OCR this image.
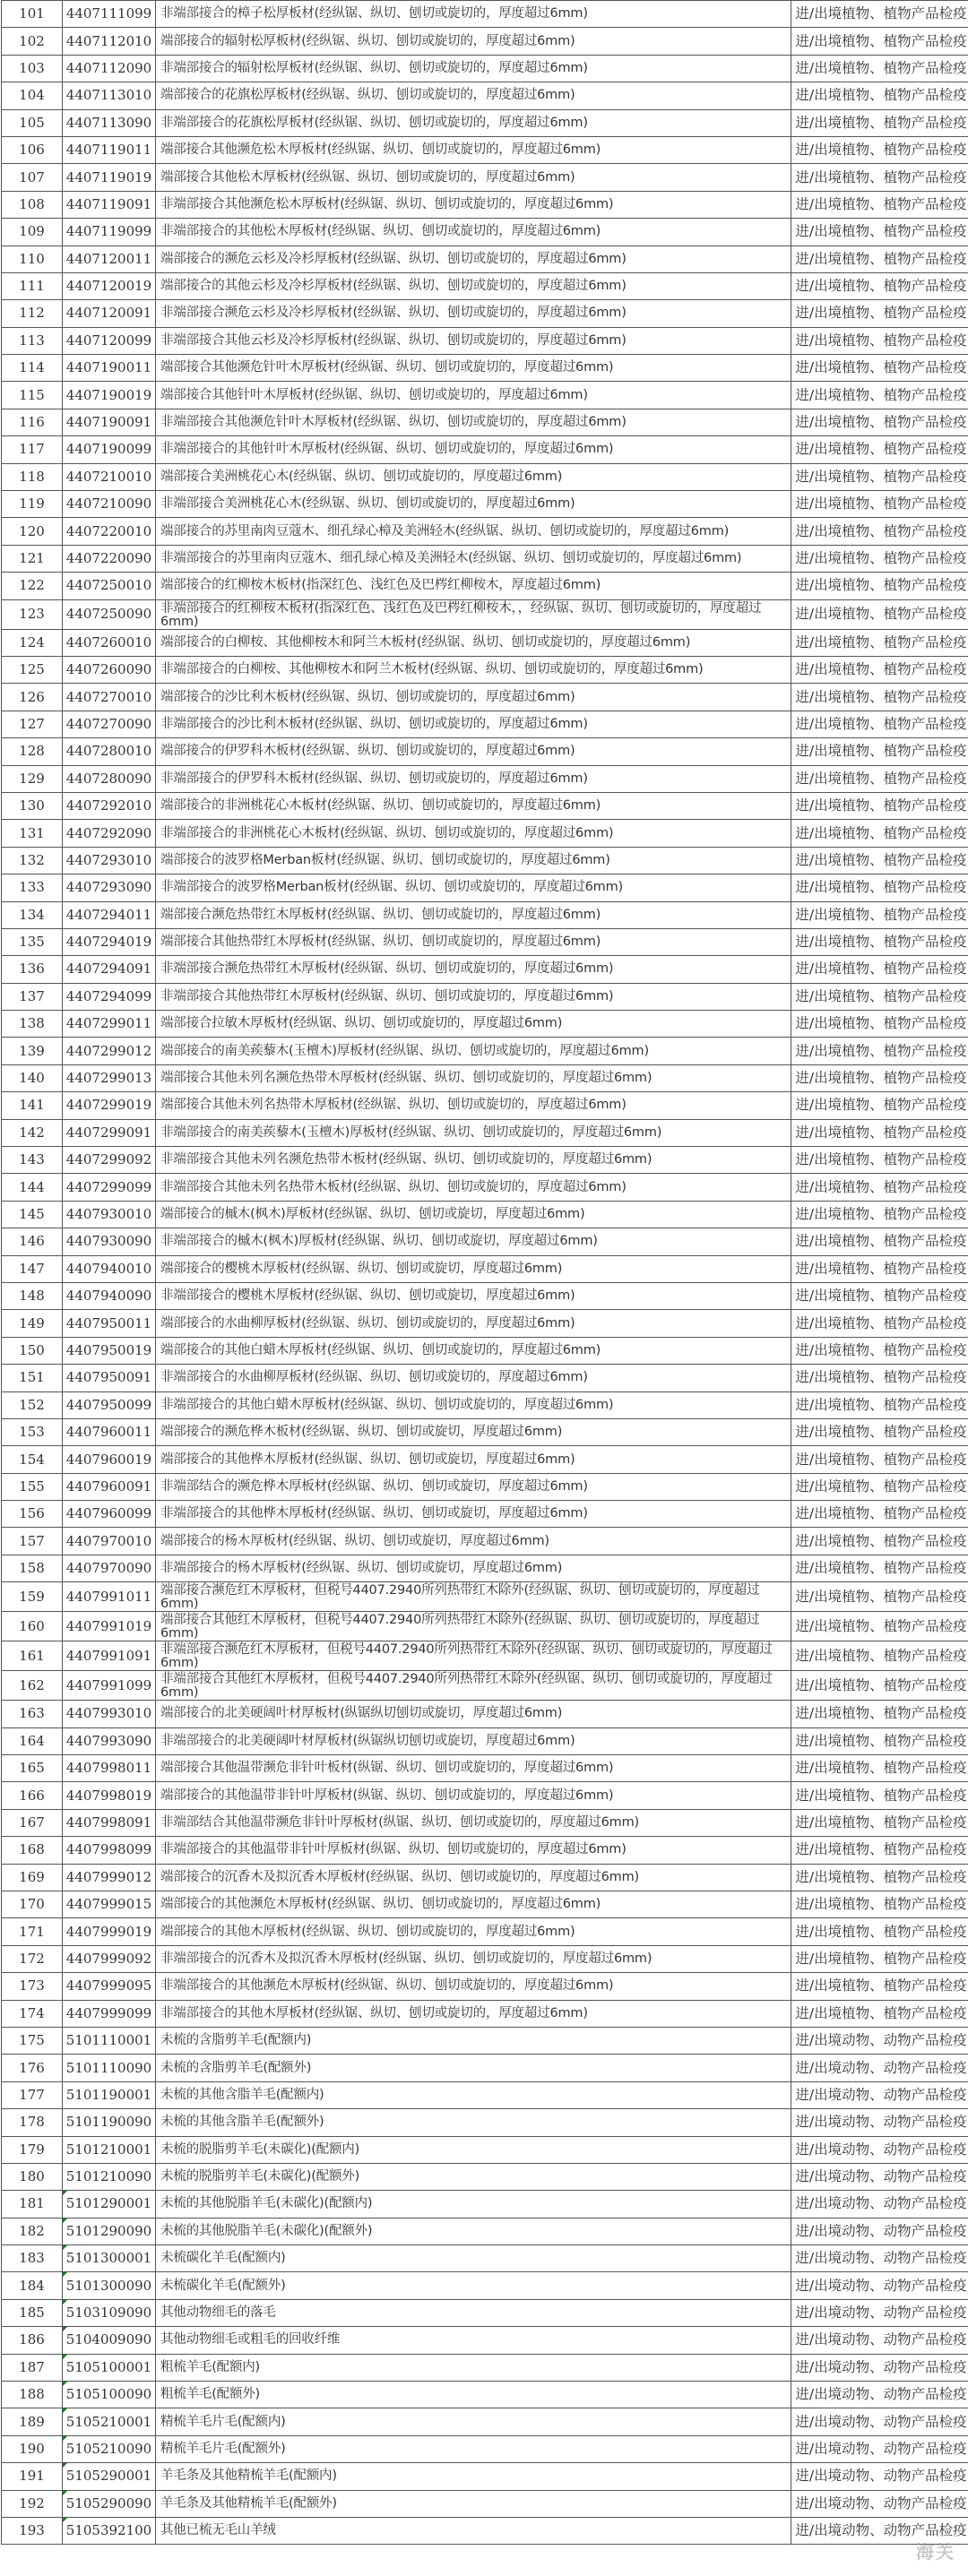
101	4407111099	非端部接合的樟子松厚板材(经纵锯、纵切、刨切或旋切的，厚度超过6mm)	进/出境植物、植物产品检疫
102	4407112010	端部接合的辐射松厚板材(经纵锯、纵切、刨切或旋切的，厚度超过6mm)	进/出境植物、植物产品检疫
103	4407112090	非端部接合的辐射松厚板材(经纵锯、纵切、刨切或旋切的，厚度超过6mm)	进/出境植物、植物产品检疫
104	4407113010	端部接合的花旗松厚板材(经纵锯、纵切、刨切或旋切的，厚度超过6mm)	进/出境植物、植物产品检疫
105	4407113090	非端部接合的花旗松厚板材(经纵锯、纵切、刨切或旋切的，厚度超过6mm)	进/出境植物、植物产品检疫
106	4407119011	端部接合其他濒危松木厚板材(经纵锯、纵切、刨切或旋切的，厚度超过6mm)	进/出境植物、植物产品检疫
107	4407119019	端部接合其他松木厚板材(经纵锯、纵切、刨切或旋切的，厚度超过6mm)	进/出境植物、植物产品检疫
108	4407119091	非端部接合其他濒危松木厚板材(经纵锯、纵切、刨切或旋切的，厚度超过6mm)	进/出境植物、植物产品检疫
109	4407119099	非端部接合的其他松木厚板材(经纵锯、纵切、刨切或旋切的，厚度超过6mm)	进/出境植物、植物产品检疫
110	4407120011	端部接合的濒危云杉及冷杉厚板材(经纵锯、纵切、刨切或旋切的，厚度超过6mm)	进/出境植物、植物产品检疫
111	4407120019	端部接合的其他云杉及冷杉厚板材(经纵锯、纵切、刨切或旋切的，厚度超过6mm)	进/出境植物、植物产品检疫
112	4407120091	非端部接合濒危云杉及冷杉厚板材(经纵锯、纵切、刨切或旋切的，厚度超过6mm)	进/出境植物、植物产品检疫
113	4407120099	非端部接合其他云杉及冷杉厚板材(经纵锯、纵切、刨切或旋切的，厚度超过6mm)	进/出境植物、植物产品检疫
114	4407190011	端部接合其他濒危针叶木厚板材(经纵锯、纵切、刨切或旋切的，厚度超过6mm)	进/出境植物、植物产品检疫
115	4407190019	端部接合其他针叶木厚板材(经纵锯、纵切、刨切或旋切的，厚度超过6mm)	进/出境植物、植物产品检疫
116	4407190091	非端部接合其他濒危针叶木厚板材(经纵锯、纵切、刨切或旋切的，厚度超过6mm)	进/出境植物、植物产品检疫
117	4407190099	非端部接合的其他针叶木厚板材(经纵锯、纵切、刨切或旋切的，厚度超过6mm)	进/出境植物、植物产品检疫
118	4407210010	端部接合美洲桃花心木(经纵锯、纵切、刨切或旋切的，厚度超过6mm)	进/出境植物、植物产品检疫
119	4407210090	非端部接合美洲桃花心木(经纵锯、纵切、刨切或旋切的，厚度超过6mm)	进/出境植物、植物产品检疫
120	4407220010	端部接合的苏里南肉豆蔻木、细孔绿心樟及美洲轻木(经纵锯、纵切、刨切或旋切的，厚度超过6mm)	进/出境植物、植物产品检疫
121	4407220090	非端部接合的苏里南肉豆蔻木、细孔绿心樟及美洲轻木(经纵锯、纵切、刨切或旋切的，厚度超过6mm)	进/出境植物、植物产品检疫
122	4407250010	端部接合的红柳桉木板材(指深红色、浅红色及巴梣红柳桉木，厚度超过6mm)	进/出境植物、植物产品检疫
123	4407250090	非端部接合的红柳桉木板材(指深红色、浅红色及巴梣红柳桉木，，经纵锯、纵切、刨切或旋切的，厚度超过6mm)	进/出境植物、植物产品检疫
124	4407260010	端部接合的白柳桉、其他柳桉木和阿兰木板材(经纵锯、纵切、刨切或旋切的，厚度超过6mm)	进/出境植物、植物产品检疫
125	4407260090	非端部接合的白柳桉、其他柳桉木和阿兰木板材(经纵锯、纵切、刨切或旋切的，厚度超过6mm)	进/出境植物、植物产品检疫
126	4407270010	端部接合的沙比利木板材(经纵锯、纵切、刨切或旋切的，厚度超过6mm)	进/出境植物、植物产品检疫
127	4407270090	非端部接合的沙比利木板材(经纵锯、纵切、刨切或旋切的，厚度超过6mm)	进/出境植物、植物产品检疫
128	4407280010	端部接合的伊罗科木板材(经纵锯、纵切、刨切或旋切的，厚度超过6mm)	进/出境植物、植物产品检疫
129	4407280090	非端部接合的伊罗科木板材(经纵锯、纵切、刨切或旋切的，厚度超过6mm)	进/出境植物、植物产品检疫
130	4407292010	端部接合的非洲桃花心木板材(经纵锯、纵切、刨切或旋切的，厚度超过6mm)	进/出境植物、植物产品检疫
131	4407292090	非端部接合的非洲桃花心木板材(经纵锯、纵切、刨切或旋切的，厚度超过6mm)	进/出境植物、植物产品检疫
132	4407293010	端部接合的波罗格Merban板材(经纵锯、纵切、刨切或旋切的，厚度超过6mm)	进/出境植物、植物产品检疫
133	4407293090	非端部接合的波罗格Merban板材(经纵锯、纵切、刨切或旋切的，厚度超过6mm)	进/出境植物、植物产品检疫
134	4407294011	端部接合濒危热带红木厚板材(经纵锯、纵切、刨切或旋切的，厚度超过6mm)	进/出境植物、植物产品检疫
135	4407294019	端部接合其他热带红木厚板材(经纵锯、纵切、刨切或旋切的，厚度超过6mm)	进/出境植物、植物产品检疫
136	4407294091	非端部接合濒危热带红木厚板材(经纵锯、纵切、刨切或旋切的，厚度超过6mm)	进/出境植物、植物产品检疫
137	4407294099	非端部接合其他热带红木厚板材(经纵锯、纵切、刨切或旋切的，厚度超过6mm)	进/出境植物、植物产品检疫
138	4407299011	端部接合拉敏木厚板材(经纵锯、纵切、刨切或旋切的，厚度超过6mm)	进/出境植物、植物产品检疫
139	4407299012	端部接合的南美蒺藜木(玉檀木)厚板材(经纵锯、纵切、刨切或旋切的，厚度超过6mm)	进/出境植物、植物产品检疫
140	4407299013	端部接合其他未列名濒危热带木厚板材(经纵锯、纵切、刨切或旋切的，厚度超过6mm)	进/出境植物、植物产品检疫
141	4407299019	端部接合其他未列名热带木厚板材(经纵锯、纵切、刨切或旋切的，厚度超过6mm)	进/出境植物、植物产品检疫
142	4407299091	非端部接合的南美蒺藜木(玉檀木)厚板材(经纵锯、纵切、刨切或旋切的，厚度超过6mm)	进/出境植物、植物产品检疫
143	4407299092	非端部接合其他未列名濒危热带木板材(经纵锯、纵切、刨切或旋切的，厚度超过6mm)	进/出境植物、植物产品检疫
144	4407299099	非端部接合其他未列名热带木板材(经纵锯、纵切、刨切或旋切的，厚度超过6mm)	进/出境植物、植物产品检疫
145	4407930010	端部接合的槭木(枫木)厚板材(经纵锯、纵切、刨切或旋切，厚度超过6mm)	进/出境植物、植物产品检疫
146	4407930090	非端部接合的槭木(枫木)厚板材(经纵锯、纵切、刨切或旋切，厚度超过6mm)	进/出境植物、植物产品检疫
147	4407940010	端部接合的樱桃木厚板材(经纵锯、纵切、刨切或旋切，厚度超过6mm)	进/出境植物、植物产品检疫
148	4407940090	非端部接合的樱桃木厚板材(经纵锯、纵切、刨切或旋切，厚度超过6mm)	进/出境植物、植物产品检疫
149	4407950011	端部接合的水曲柳厚板材(经纵锯、纵切、刨切或旋切的，厚度超过6mm)	进/出境植物、植物产品检疫
150	4407950019	端部接合的其他白蜡木厚板材(经纵锯、纵切、刨切或旋切的，厚度超过6mm)	进/出境植物、植物产品检疫
151	4407950091	非端部接合的水曲柳厚板材(经纵锯、纵切、刨切或旋切的，厚度超过6mm)	进/出境植物、植物产品检疫
152	4407950099	非端部接合的其他白蜡木厚板材(经纵锯、纵切、刨切或旋切的，厚度超过6mm)	进/出境植物、植物产品检疫
153	4407960011	端部接合的濒危桦木板材(经纵锯、纵切、刨切或旋切，厚度超过6mm)	进/出境植物、植物产品检疫
154	4407960019	端部接合的其他桦木厚板材(经纵锯、纵切、刨切或旋切，厚度超过6mm)	进/出境植物、植物产品检疫
155	4407960091	非端部结合的濒危桦木厚板材(经纵锯、纵切、刨切或旋切，厚度超过6mm)	进/出境植物、植物产品检疫
156	4407960099	非端部接合的其他桦木厚板材(经纵锯、纵切、刨切或旋切，厚度超过6mm)	进/出境植物、植物产品检疫
157	4407970010	端部接合的杨木厚板材(经纵锯、纵切、刨切或旋切，厚度超过6mm)	进/出境植物、植物产品检疫
158	4407970090	非端部接合的杨木厚板材(经纵锯、纵切、刨切或旋切，厚度超过6mm)	进/出境植物、植物产品检疫
159	4407991011	端部接合濒危红木厚板材，但税号4407.2940所列热带红木除外(经纵锯、纵切、刨切或旋切的，厚度超过6mm)	进/出境植物、植物产品检疫
160	4407991019	端部接合其他红木厚板材，但税号4407.2940所列热带红木除外(经纵锯、纵切、刨切或旋切的，厚度超过6mm)	进/出境植物、植物产品检疫
161	4407991091	非端部接合濒危红木厚板材，但税号4407.2940所列热带红木除外(经纵锯、纵切、刨切或旋切的，厚度超过6mm)	进/出境植物、植物产品检疫
162	4407991099	非端部接合其他红木厚板材，但税号4407.2940所列热带红木除外(经纵锯、纵切、刨切或旋切的，厚度超过6mm)	进/出境植物、植物产品检疫
163	4407993010	端部接合的北美硬阔叶材厚板材(纵锯纵切刨切或旋切，厚度超过6mm)	进/出境植物、植物产品检疫
164	4407993090	非端部接合的北美硬阔叶材厚板材(纵锯纵切刨切或旋切，厚度超过6mm)	进/出境植物、植物产品检疫
165	4407998011	端部接合其他温带濒危非针叶板材(纵锯、纵切、刨切或旋切的，厚度超过6mm)	进/出境植物、植物产品检疫
166	4407998019	端部接合的其他温带非针叶厚板材(纵锯、纵切、刨切或旋切的，厚度超过6mm)	进/出境植物、植物产品检疫
167	4407998091	非端部结合其他温带濒危非针叶厚板材(纵锯、纵切、刨切或旋切的，厚度超过6mm)	进/出境植物、植物产品检疫
168	4407998099	非端部接合的其他温带非针叶厚板材(纵锯、纵切、刨切或旋切的，厚度超过6mm)	进/出境植物、植物产品检疫
169	4407999012	端部接合的沉香木及拟沉香木厚板材(经纵锯、纵切、刨切或旋切的，厚度超过6mm)	进/出境植物、植物产品检疫
170	4407999015	端部接合的其他濒危木厚板材(经纵锯、纵切、刨切或旋切的，厚度超过6mm)	进/出境植物、植物产品检疫
171	4407999019	端部接合的其他木厚板材(经纵锯、纵切、刨切或旋切的，厚度超过6mm)	进/出境植物、植物产品检疫
172	4407999092	非端部接合的沉香木及拟沉香木厚板材(经纵锯、纵切、刨切或旋切的，厚度超过6mm)	进/出境植物、植物产品检疫
173	4407999095	非端部接合的其他濒危木厚板材(经纵锯、纵切、刨切或旋切的，厚度超过6mm)	进/出境植物、植物产品检疫
174	4407999099	非端部接合的其他木厚板材(经纵锯、纵切、刨切或旋切的，厚度超过6mm)	进/出境植物、植物产品检疫
175	5101110001	未梳的含脂剪羊毛(配额内)	进/出境动物、动物产品检疫
176	5101110090	未梳的含脂剪羊毛(配额外)	进/出境动物、动物产品检疫
177	5101190001	未梳的其他含脂羊毛(配额内)	进/出境动物、动物产品检疫
178	5101190090	未梳的其他含脂羊毛(配额外)	进/出境动物、动物产品检疫
179	5101210001	未梳的脱脂剪羊毛(未碳化)(配额内)	进/出境动物、动物产品检疫
180	5101210090	未梳的脱脂剪羊毛(未碳化)(配额外)	进/出境动物、动物产品检疫
181	5101290001	未梳的其他脱脂羊毛(未碳化)(配额内)	进/出境动物、动物产品检疫
182	5101290090	未梳的其他脱脂羊毛(未碳化)(配额外)	进/出境动物、动物产品检疫
183	5101300001	未梳碳化羊毛(配额内)	进/出境动物、动物产品检疫
184	5101300090	未梳碳化羊毛(配额外)	进/出境动物、动物产品检疫
185	5103109090	其他动物细毛的落毛	进/出境动物、动物产品检疫
186	5104009090	其他动物细毛或粗毛的回收纤维	进/出境动物、动物产品检疫
187	5105100001	粗梳羊毛(配额内)	进/出境动物、动物产品检疫
188	5105100090	粗梳羊毛(配额外)	进/出境动物、动物产品检疫
189	5105210001	精梳羊毛片毛(配额内)	进/出境动物、动物产品检疫
190	5105210090	精梳羊毛片毛(配额外)	进/出境动物、动物产品检疫
191	5105290001	羊毛条及其他精梳羊毛(配额内)	进/出境动物、动物产品检疫
192	5105290090	羊毛条及其他精梳羊毛(配额外)	进/出境动物、动物产品检疫
193	5105392100	其他已梳无毛山羊绒	进/出境动物、动物产品检疫
海关
